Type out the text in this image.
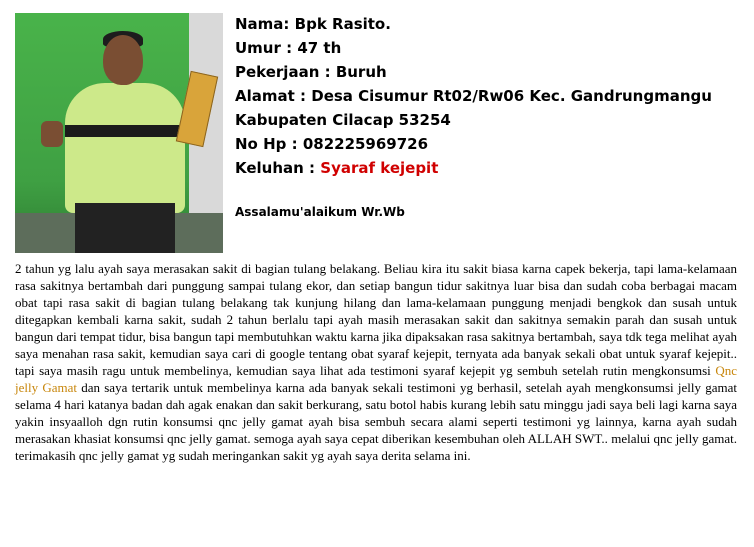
Nama: Bpk Rasito.
Umur : 47 th
Pekerjaan : Buruh
Alamat : Desa Cisumur Rt02/Rw06 Kec. Gandrungmangu
Kabupaten Cilacap 53254
No Hp : 082225969726
Keluhan : Syaraf kejepit
Assalamu'alaikum Wr.Wb
2 tahun yg lalu ayah saya merasakan sakit di bagian tulang belakang. Beliau kira itu sakit biasa karna capek bekerja, tapi lama-kelamaan rasa sakitnya bertambah dari punggung sampai tulang ekor, dan setiap bangun tidur sakitnya luar bisa dan sudah coba berbagai macam obat tapi rasa sakit di bagian tulang belakang tak kunjung hilang dan lama-kelamaan punggung menjadi bengkok dan susah untuk ditegapkan kembali karna sakit, sudah 2 tahun berlalu tapi ayah masih merasakan sakit dan sakitnya semakin parah dan susah untuk bangun dari tempat tidur, bisa bangun tapi membutuhkan waktu karna jika dipaksakan rasa sakitnya bertambah, saya tdk tega melihat ayah saya menahan rasa sakit, kemudian saya cari di google tentang obat syaraf kejepit, ternyata ada banyak sekali obat untuk syaraf kejepit.. tapi saya masih ragu untuk membelinya, kemudian saya lihat ada testimoni syaraf kejepit yg sembuh setelah rutin mengkonsumsi Qnc jelly Gamat dan saya tertarik untuk membelinya karna ada banyak sekali testimoni yg berhasil, setelah ayah mengkonsumsi jelly gamat selama 4 hari katanya badan dah agak enakan dan sakit berkurang, satu botol habis kurang lebih satu minggu jadi saya beli lagi karna saya yakin insyaalloh dgn rutin konsumsi qnc jelly gamat ayah bisa sembuh secara alami seperti testimoni yg lainnya, karna ayah sudah merasakan khasiat konsumsi qnc jelly gamat. semoga ayah saya cepat diberikan kesembuhan oleh ALLAH SWT.. melalui qnc jelly gamat. terimakasih qnc jelly gamat yg sudah meringankan sakit yg ayah saya derita selama ini.
